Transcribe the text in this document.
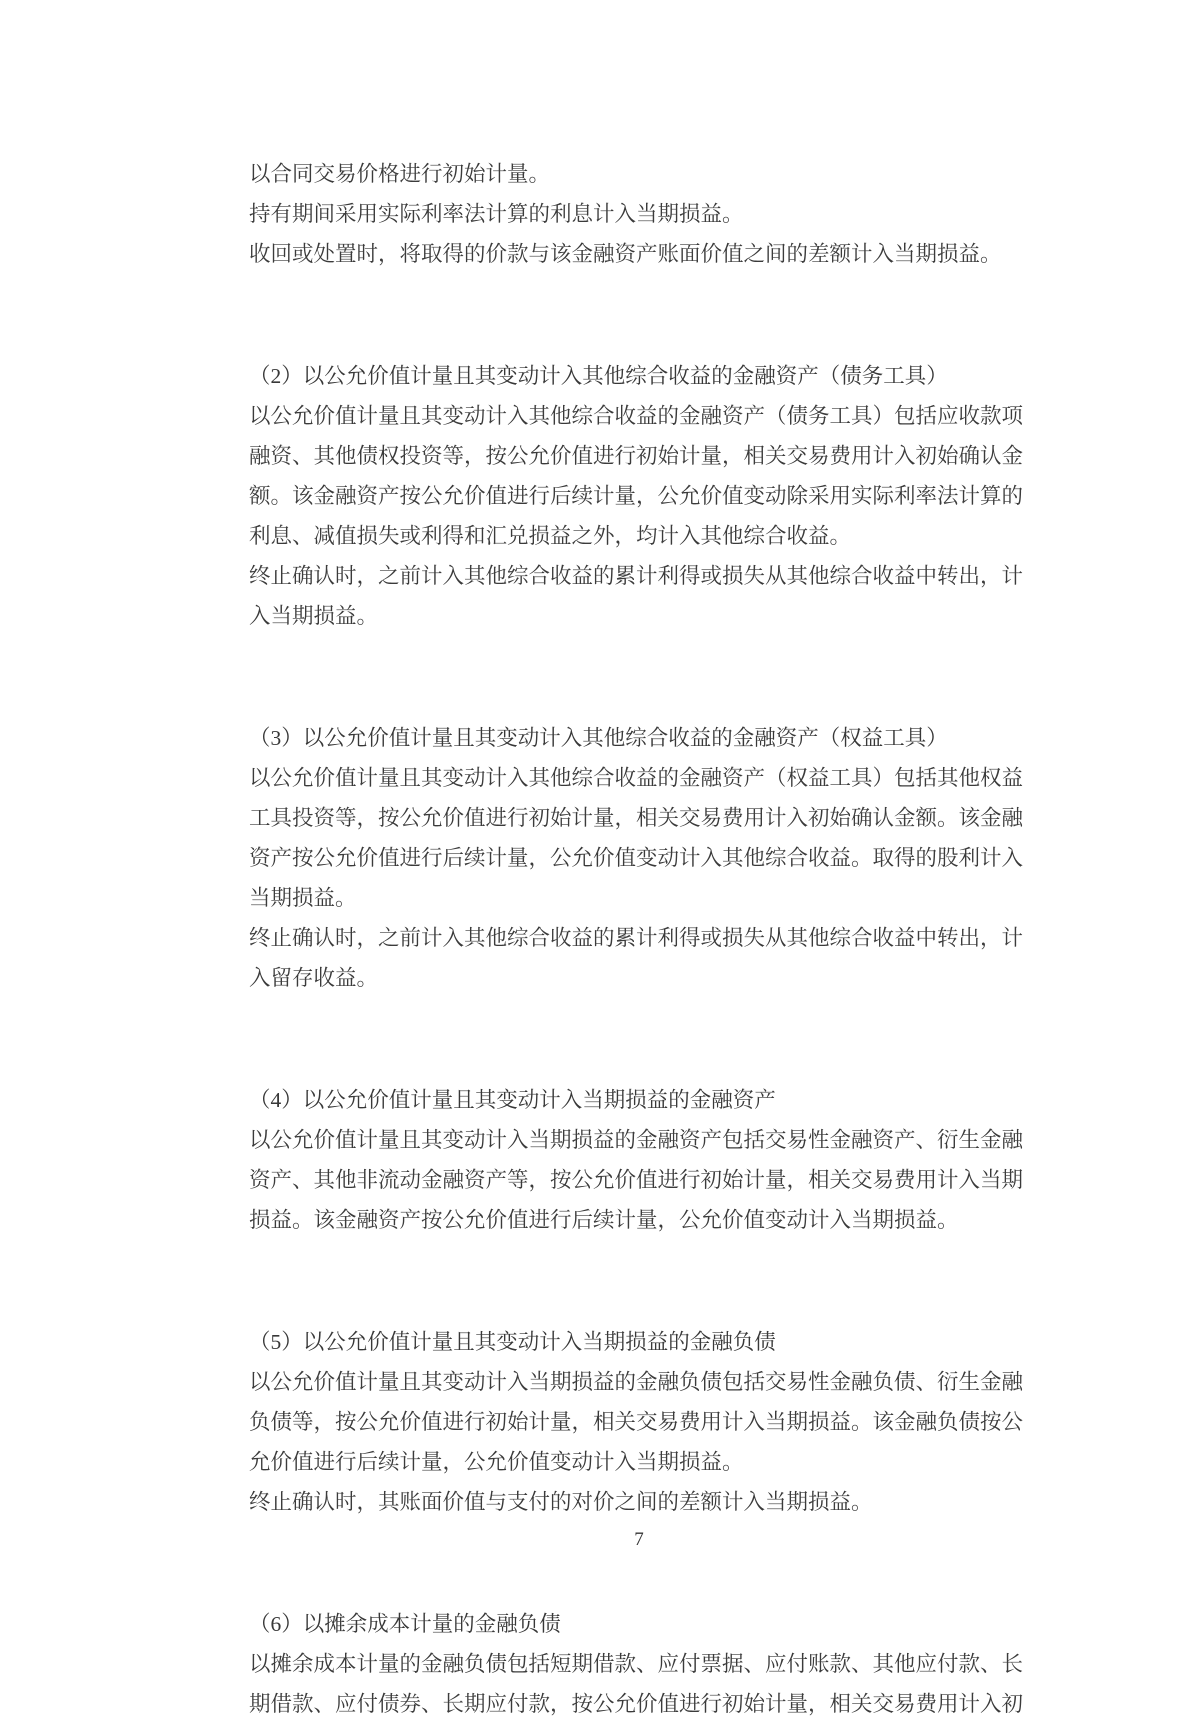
以合同交易价格进行初始计量。
持有期间采用实际利率法计算的利息计入当期损益。
收回或处置时，将取得的价款与该金融资产账面价值之间的差额计入当期损益。
（2）以公允价值计量且其变动计入其他综合收益的金融资产（债务工具）
以公允价值计量且其变动计入其他综合收益的金融资产（债务工具）包括应收款项
融资、其他债权投资等，按公允价值进行初始计量，相关交易费用计入初始确认金
额。该金融资产按公允价值进行后续计量，公允价值变动除采用实际利率法计算的
利息、减值损失或利得和汇兑损益之外，均计入其他综合收益。
终止确认时，之前计入其他综合收益的累计利得或损失从其他综合收益中转出，计
入当期损益。
（3）以公允价值计量且其变动计入其他综合收益的金融资产（权益工具）
以公允价值计量且其变动计入其他综合收益的金融资产（权益工具）包括其他权益
工具投资等，按公允价值进行初始计量，相关交易费用计入初始确认金额。该金融
资产按公允价值进行后续计量，公允价值变动计入其他综合收益。取得的股利计入
当期损益。
终止确认时，之前计入其他综合收益的累计利得或损失从其他综合收益中转出，计
入留存收益。
（4）以公允价值计量且其变动计入当期损益的金融资产
以公允价值计量且其变动计入当期损益的金融资产包括交易性金融资产、衍生金融
资产、其他非流动金融资产等，按公允价值进行初始计量，相关交易费用计入当期
损益。该金融资产按公允价值进行后续计量，公允价值变动计入当期损益。
（5）以公允价值计量且其变动计入当期损益的金融负债
以公允价值计量且其变动计入当期损益的金融负债包括交易性金融负债、衍生金融
负债等，按公允价值进行初始计量，相关交易费用计入当期损益。该金融负债按公
允价值进行后续计量，公允价值变动计入当期损益。
终止确认时，其账面价值与支付的对价之间的差额计入当期损益。
（6）以摊余成本计量的金融负债
以摊余成本计量的金融负债包括短期借款、应付票据、应付账款、其他应付款、长
期借款、应付债券、长期应付款，按公允价值进行初始计量，相关交易费用计入初
7
